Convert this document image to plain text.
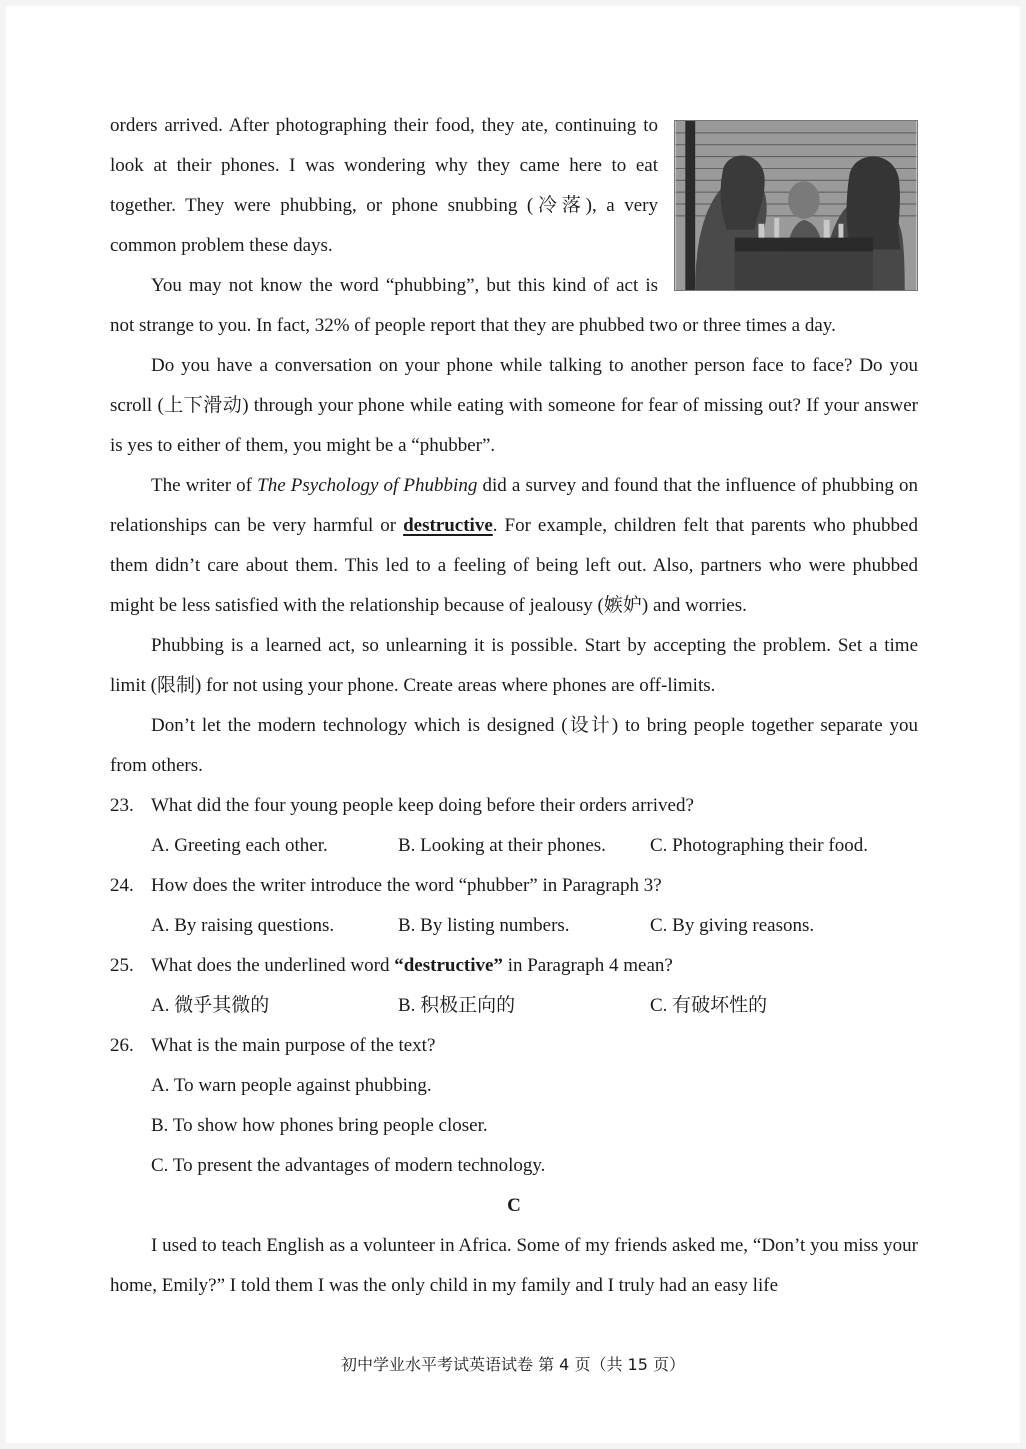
orders arrived. After photographing their food, they ate, continuing to look at their phones. I was wondering why they came here to eat together. They were phubbing, or phone snubbing (冷落), a very common problem these days.

You may not know the word “phubbing”, but this kind of act is not strange to you. In fact, 32% of people report that they are phubbed two or three times a day.

Do you have a conversation on your phone while talking to another person face to face? Do you scroll (上下滑动) through your phone while eating with someone for fear of missing out? If your answer is yes to either of them, you might be a “phubber”.

The writer of The Psychology of Phubbing did a survey and found that the influence of phubbing on relationships can be very harmful or destructive. For example, children felt that parents who phubbed them didn’t care about them. This led to a feeling of being left out. Also, partners who were phubbed might be less satisfied with the relationship because of jealousy (嫉妒) and worries.

Phubbing is a learned act, so unlearning it is possible. Start by accepting the problem. Set a time limit (限制) for not using your phone. Create areas where phones are off-limits.

Don’t let the modern technology which is designed (设计) to bring people together separate you from others.

23. What did the four young people keep doing before their orders arrived?
A. Greeting each other.	B. Looking at their phones.	C. Photographing their food.
24. How does the writer introduce the word “phubber” in Paragraph 3?
A. By raising questions.	B. By listing numbers.	C. By giving reasons.
25. What does the underlined word “destructive” in Paragraph 4 mean?
A. 微乎其微的	B. 积极正向的	C. 有破坏性的
26. What is the main purpose of the text?
A. To warn people against phubbing.
B. To show how phones bring people closer.
C. To present the advantages of modern technology.
C

I used to teach English as a volunteer in Africa. Some of my friends asked me, “Don’t you miss your home, Emily?” I told them I was the only child in my family and I truly had an easy life

初中学业水平考试英语试卷 第 4 页（共 15 页）
